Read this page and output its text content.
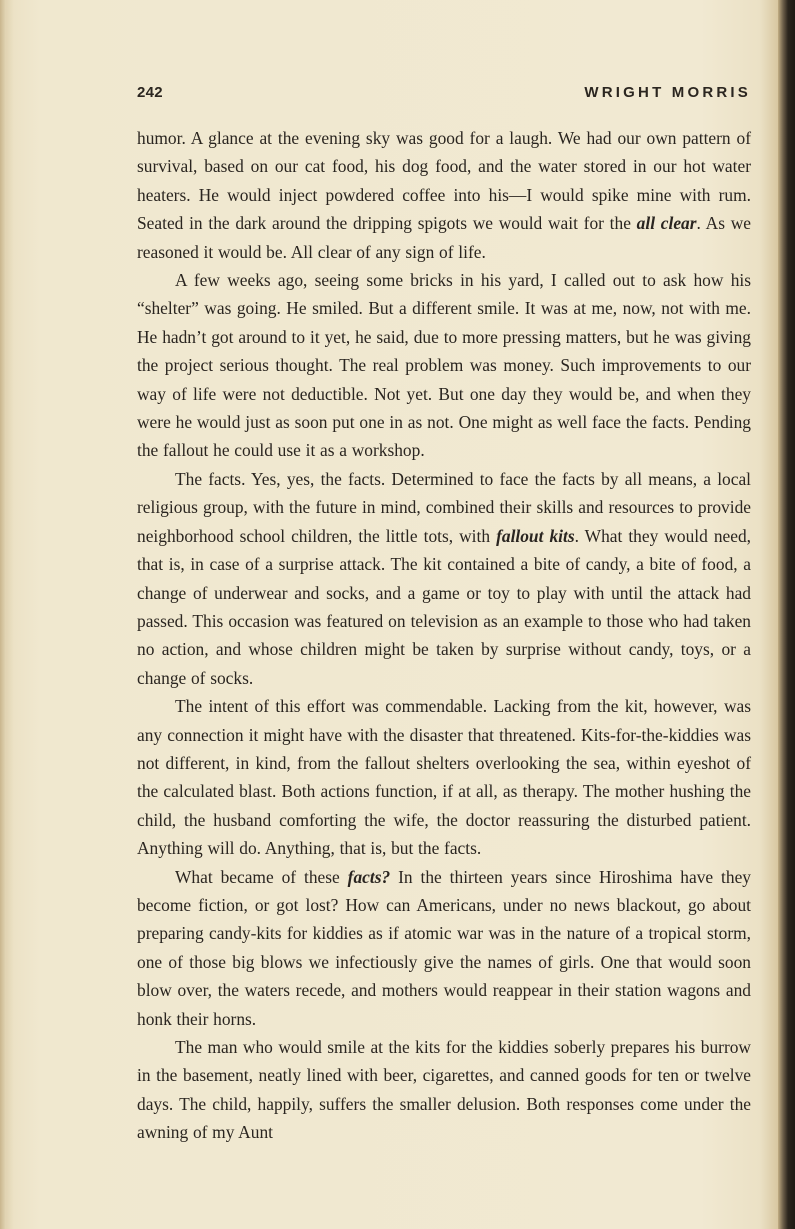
242	WRIGHT MORRIS

humor. A glance at the evening sky was good for a laugh. We had our own pattern of survival, based on our cat food, his dog food, and the water stored in our hot water heaters. He would inject powdered coffee into his—I would spike mine with rum. Seated in the dark around the dripping spigots we would wait for the all clear. As we reasoned it would be. All clear of any sign of life.

A few weeks ago, seeing some bricks in his yard, I called out to ask how his “shelter” was going. He smiled. But a different smile. It was at me, now, not with me. He hadn’t got around to it yet, he said, due to more pressing matters, but he was giving the project serious thought. The real problem was money. Such improvements to our way of life were not deductible. Not yet. But one day they would be, and when they were he would just as soon put one in as not. One might as well face the facts. Pending the fallout he could use it as a workshop.

The facts. Yes, yes, the facts. Determined to face the facts by all means, a local religious group, with the future in mind, combined their skills and resources to provide neighborhood school children, the little tots, with fallout kits. What they would need, that is, in case of a surprise attack. The kit contained a bite of candy, a bite of food, a change of underwear and socks, and a game or toy to play with until the attack had passed. This occasion was featured on television as an example to those who had taken no action, and whose children might be taken by surprise without candy, toys, or a change of socks.

The intent of this effort was commendable. Lacking from the kit, however, was any connection it might have with the disaster that threatened. Kits-for-the-kiddies was not different, in kind, from the fallout shelters overlooking the sea, within eyeshot of the calculated blast. Both actions function, if at all, as therapy. The mother hushing the child, the husband comforting the wife, the doctor reassuring the disturbed patient. Anything will do. Anything, that is, but the facts.

What became of these facts? In the thirteen years since Hiroshima have they become fiction, or got lost? How can Americans, under no news blackout, go about preparing candy-kits for kiddies as if atomic war was in the nature of a tropical storm, one of those big blows we infectiously give the names of girls. One that would soon blow over, the waters recede, and mothers would reappear in their station wagons and honk their horns.

The man who would smile at the kits for the kiddies soberly prepares his burrow in the basement, neatly lined with beer, cigarettes, and canned goods for ten or twelve days. The child, happily, suffers the smaller delusion. Both responses come under the awning of my Aunt
